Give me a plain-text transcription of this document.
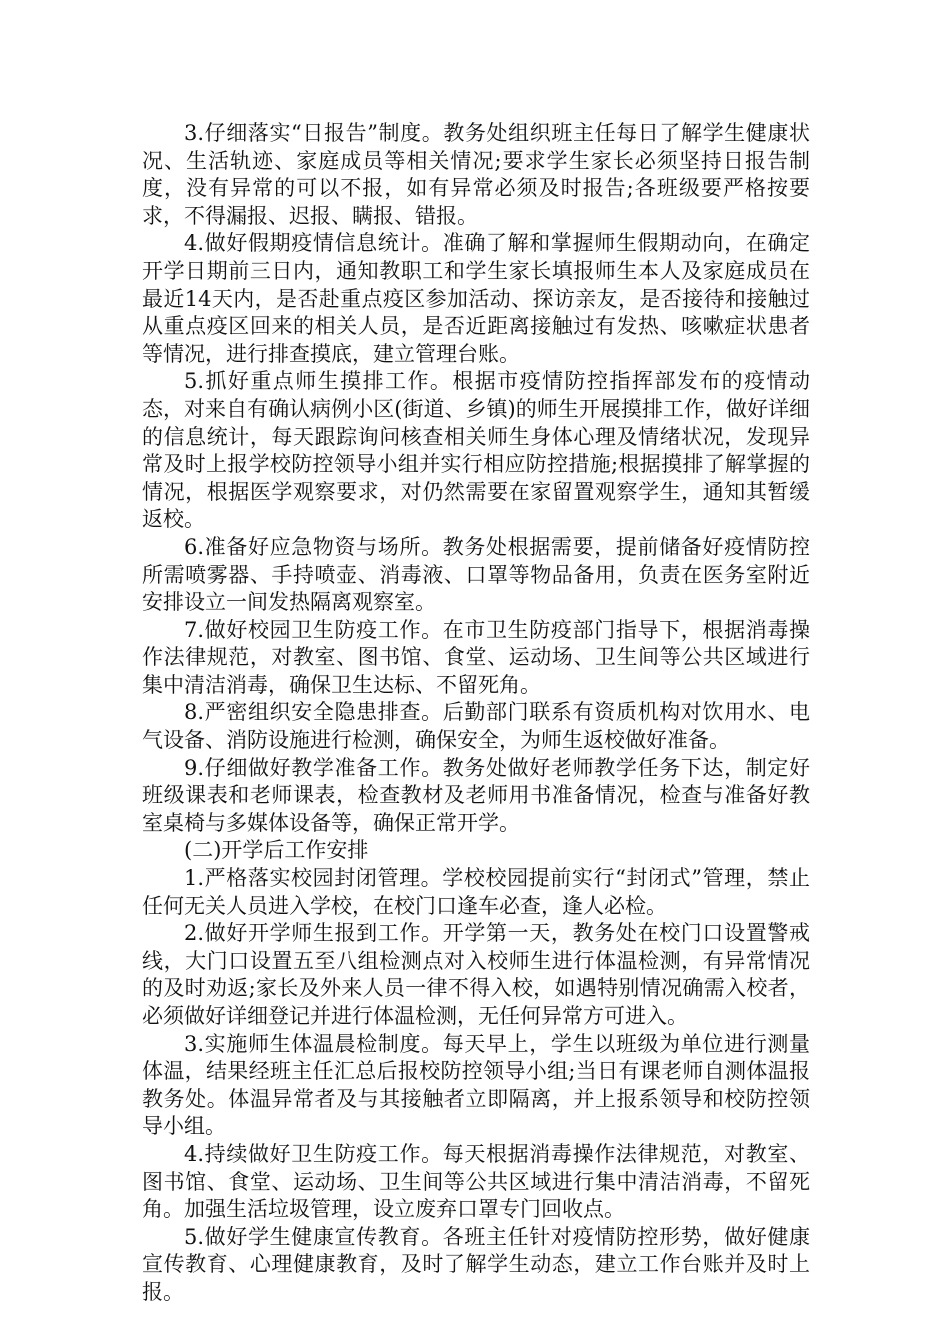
3.仔细落实“日报告”制度。教务处组织班主任每日了解学生健康状况、生活轨迹、家庭成员等相关情况;要求学生家长必须坚持日报告制度，没有异常的可以不报，如有异常必须及时报告;各班级要严格按要求，不得漏报、迟报、瞒报、错报。

4.做好假期疫情信息统计。准确了解和掌握师生假期动向，在确定开学日期前三日内，通知教职工和学生家长填报师生本人及家庭成员在最近14天内，是否赴重点疫区参加活动、探访亲友，是否接待和接触过从重点疫区回来的相关人员，是否近距离接触过有发热、咳嗽症状患者等情况，进行排查摸底，建立管理台账。

5.抓好重点师生摸排工作。根据市疫情防控指挥部发布的疫情动态，对来自有确认病例小区(街道、乡镇)的师生开展摸排工作，做好详细的信息统计，每天跟踪询问核查相关师生身体心理及情绪状况，发现异常及时上报学校防控领导小组并实行相应防控措施;根据摸排了解掌握的情况，根据医学观察要求，对仍然需要在家留置观察学生，通知其暂缓返校。

6.准备好应急物资与场所。教务处根据需要，提前储备好疫情防控所需喷雾器、手持喷壶、消毒液、口罩等物品备用，负责在医务室附近安排设立一间发热隔离观察室。

7.做好校园卫生防疫工作。在市卫生防疫部门指导下，根据消毒操作法律规范，对教室、图书馆、食堂、运动场、卫生间等公共区域进行集中清洁消毒，确保卫生达标、不留死角。

8.严密组织安全隐患排查。后勤部门联系有资质机构对饮用水、电气设备、消防设施进行检测，确保安全，为师生返校做好准备。

9.仔细做好教学准备工作。教务处做好老师教学任务下达，制定好班级课表和老师课表，检查教材及老师用书准备情况，检查与准备好教室桌椅与多媒体设备等，确保正常开学。

(二)开学后工作安排

1.严格落实校园封闭管理。学校校园提前实行“封闭式”管理，禁止任何无关人员进入学校，在校门口逢车必查，逢人必检。

2.做好开学师生报到工作。开学第一天，教务处在校门口设置警戒线，大门口设置五至八组检测点对入校师生进行体温检测，有异常情况的及时劝返;家长及外来人员一律不得入校，如遇特别情况确需入校者，必须做好详细登记并进行体温检测，无任何异常方可进入。

3.实施师生体温晨检制度。每天早上，学生以班级为单位进行测量体温，结果经班主任汇总后报校防控领导小组;当日有课老师自测体温报教务处。体温异常者及与其接触者立即隔离，并上报系领导和校防控领导小组。

4.持续做好卫生防疫工作。每天根据消毒操作法律规范，对教室、图书馆、食堂、运动场、卫生间等公共区域进行集中清洁消毒，不留死角。加强生活垃圾管理，设立废弃口罩专门回收点。

5.做好学生健康宣传教育。各班主任针对疫情防控形势，做好健康宣传教育、心理健康教育，及时了解学生动态，建立工作台账并及时上报。
